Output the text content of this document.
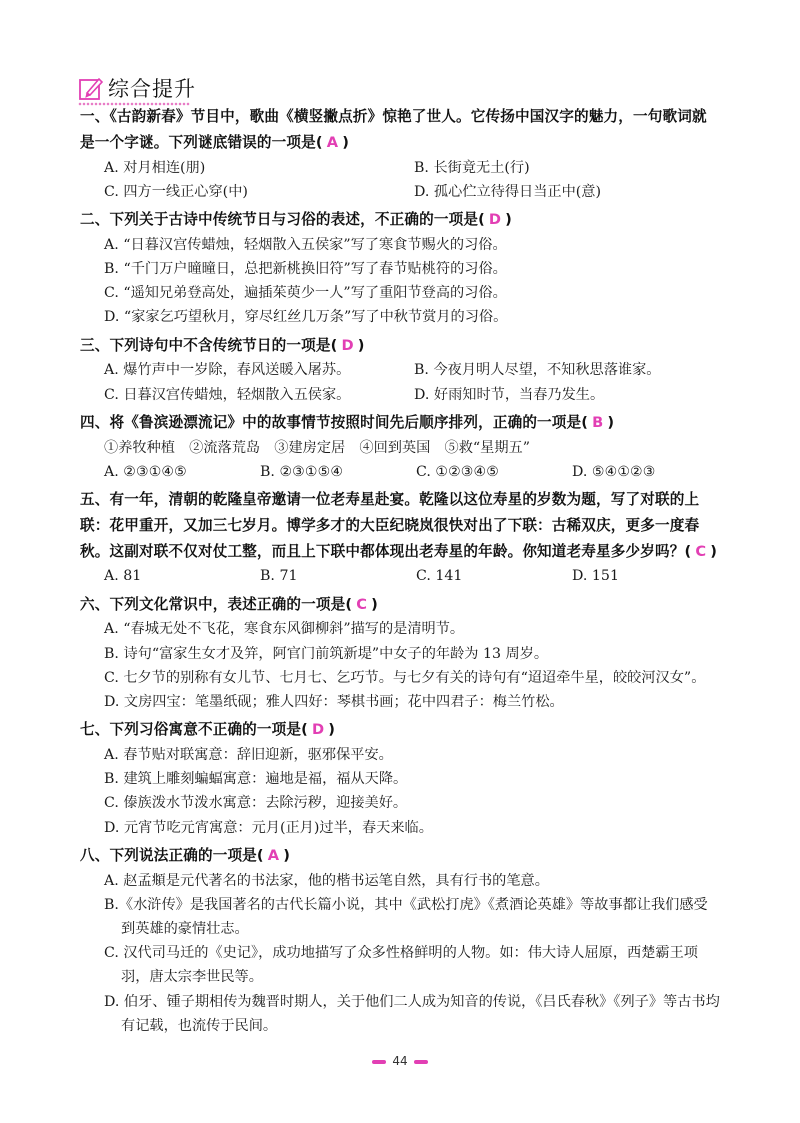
综合提升
一、《古韵新春》节目中，歌曲《横竖撇点折》惊艳了世人。它传扬中国汉字的魅力，一句歌词就是一个字谜。下列谜底错误的一项是( A )
A. 对月相连(朋)	B. 长街竟无土(行)
C. 四方一线正心穿(中)	D. 孤心伫立待得日当正中(意)
二、下列关于古诗中传统节日与习俗的表述，不正确的一项是( D )
A. “日暮汉宫传蜡烛，轻烟散入五侯家”写了寒食节赐火的习俗。
B. “千门万户曈曈日，总把新桃换旧符”写了春节贴桃符的习俗。
C. “遥知兄弟登高处，遍插茱萸少一人”写了重阳节登高的习俗。
D. “家家乞巧望秋月，穿尽红丝几万条”写了中秋节赏月的习俗。
三、下列诗句中不含传统节日的一项是( D )
A. 爆竹声中一岁除，春风送暖入屠苏。	B. 今夜月明人尽望，不知秋思落谁家。
C. 日暮汉宫传蜡烛，轻烟散入五侯家。	D. 好雨知时节，当春乃发生。
四、将《鲁滨逊漂流记》中的故事情节按照时间先后顺序排列，正确的一项是( B )
①养牧种植　②流落荒岛　③建房定居　④回到英国　⑤救“星期五”
A. ②③①④⑤	B. ②③①⑤④	C. ①②③④⑤	D. ⑤④①②③
五、有一年，清朝的乾隆皇帝邀请一位老寿星赴宴。乾隆以这位寿星的岁数为题，写了对联的上联：花甲重开，又加三七岁月。博学多才的大臣纪晓岚很快对出了下联：古稀双庆，更多一度春秋。这副对联不仅对仗工整，而且上下联中都体现出老寿星的年龄。你知道老寿星多少岁吗？( C )
A. 81	B. 71	C. 141	D. 151
六、下列文化常识中，表述正确的一项是( C )
A. “春城无处不飞花，寒食东风御柳斜”描写的是清明节。
B. 诗句“富家生女才及笄，阿官门前筑新堤”中女子的年龄为 13 周岁。
C. 七夕节的别称有女儿节、七月七、乞巧节。与七夕有关的诗句有“迢迢牵牛星，皎皎河汉女”。
D. 文房四宝：笔墨纸砚；雅人四好：琴棋书画；花中四君子：梅兰竹松。
七、下列习俗寓意不正确的一项是( D )
A. 春节贴对联寓意：辞旧迎新，驱邪保平安。
B. 建筑上雕刻蝙蝠寓意：遍地是福，福从天降。
C. 傣族泼水节泼水寓意：去除污秽，迎接美好。
D. 元宵节吃元宵寓意：元月(正月)过半，春天来临。
八、下列说法正确的一项是( A )
A. 赵孟頫是元代著名的书法家，他的楷书运笔自然，具有行书的笔意。
B.《水浒传》是我国著名的古代长篇小说，其中《武松打虎》《煮酒论英雄》等故事都让我们感受到英雄的豪情壮志。
C. 汉代司马迁的《史记》，成功地描写了众多性格鲜明的人物。如：伟大诗人屈原，西楚霸王项羽，唐太宗李世民等。
D. 伯牙、锺子期相传为魏晋时期人，关于他们二人成为知音的传说，《吕氏春秋》《列子》等古书均有记载，也流传于民间。
44
